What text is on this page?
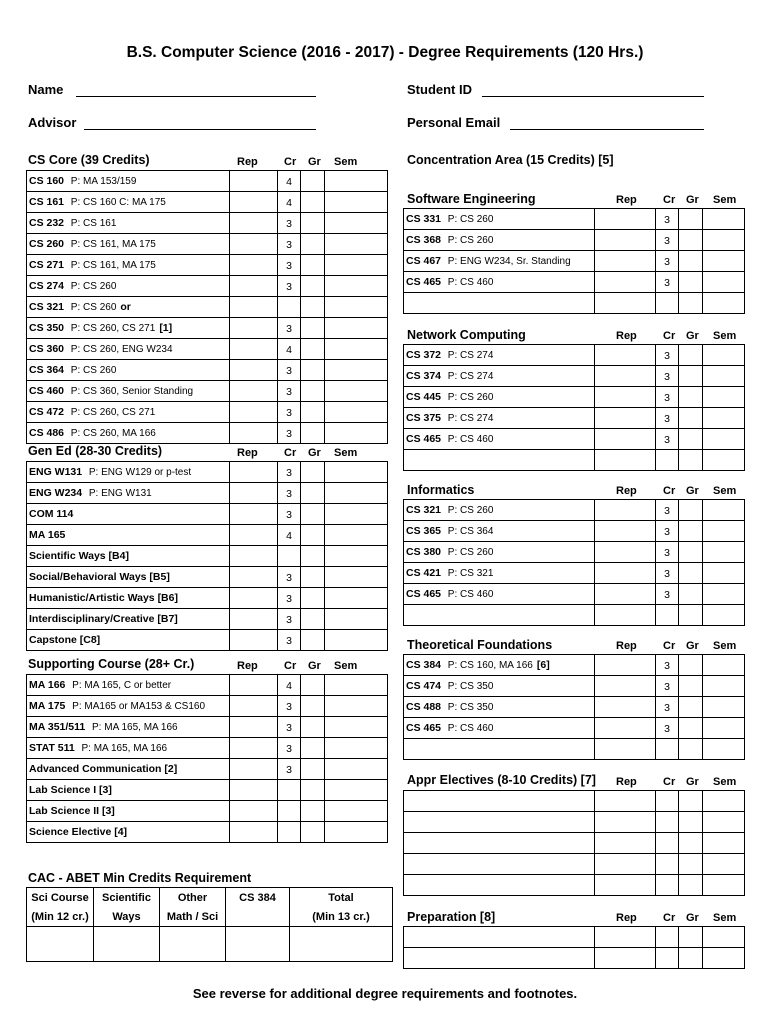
B.S. Computer Science (2016 - 2017) - Degree Requirements (120 Hrs.)
Name	Student ID
Advisor	Personal Email
CS Core (39 Credits)	Rep Cr Gr Sem
CS 160 P: MA 153/159		4		
CS 161 P: CS 160 C: MA 175		4		
CS 232 P: CS 161		3		
CS 260 P: CS 161, MA 175		3		
CS 271 P: CS 161, MA 175		3		
CS 274 P: CS 260		3		
CS 321 P: CS 260 or				
CS 350 P: CS 260, CS 271 [1]		3		
CS 360 P: CS 260, ENG W234		4		
CS 364 P: CS 260		3		
CS 460 P: CS 360, Senior Standing		3		
CS 472 P: CS 260, CS 271		3		
CS 486 P: CS 260, MA 166		3		
Gen Ed (28-30 Credits)	Rep Cr Gr Sem
ENG W131 P: ENG W129 or p-test		3		
ENG W234 P: ENG W131		3		
COM 114		3		
MA 165		4		
Scientific Ways [B4]				
Social/Behavioral Ways [B5]		3		
Humanistic/Artistic Ways [B6]		3		
Interdisciplinary/Creative [B7]		3		
Capstone [C8]		3		
Supporting Course (28+ Cr.)	Rep Cr Gr Sem
MA 166 P: MA 165, C or better		4		
MA 175 P: MA165 or MA153 & CS160		3		
MA 351/511 P: MA 165, MA 166		3		
STAT 511 P: MA 165, MA 166		3		
Advanced Communication [2]		3		
Lab Science I [3]				
Lab Science II [3]				
Science Elective [4]				
CAC - ABET Min Credits Requirement
Sci Course	Scientific	Other	CS 384	Total
(Min 12 cr.)	Ways	Math / Sci		(Min 13 cr.)

Concentration Area (15 Credits) [5]
Software Engineering	Rep Cr Gr Sem
CS 331 P: CS 260		3		
CS 368 P: CS 260		3		
CS 467 P: ENG W234, Sr. Standing		3		
CS 465 P: CS 460		3		

Network Computing	Rep Cr Gr Sem
CS 372 P: CS 274		3		
CS 374 P: CS 274		3		
CS 445 P: CS 260		3		
CS 375 P: CS 274		3		
CS 465 P: CS 460		3		

Informatics	Rep Cr Gr Sem
CS 321 P: CS 260		3		
CS 365 P: CS 364		3		
CS 380 P: CS 260		3		
CS 421 P: CS 321		3		
CS 465 P: CS 460		3		

Theoretical Foundations	Rep Cr Gr Sem
CS 384 P: CS 160, MA 166 [6]		3		
CS 474 P: CS 350		3		
CS 488 P: CS 350		3		
CS 465 P: CS 460		3		

Appr Electives (8-10 Credits) [7] Rep Cr Gr Sem

Preparation [8]	Rep Cr Gr Sem

See reverse for additional degree requirements and footnotes.
